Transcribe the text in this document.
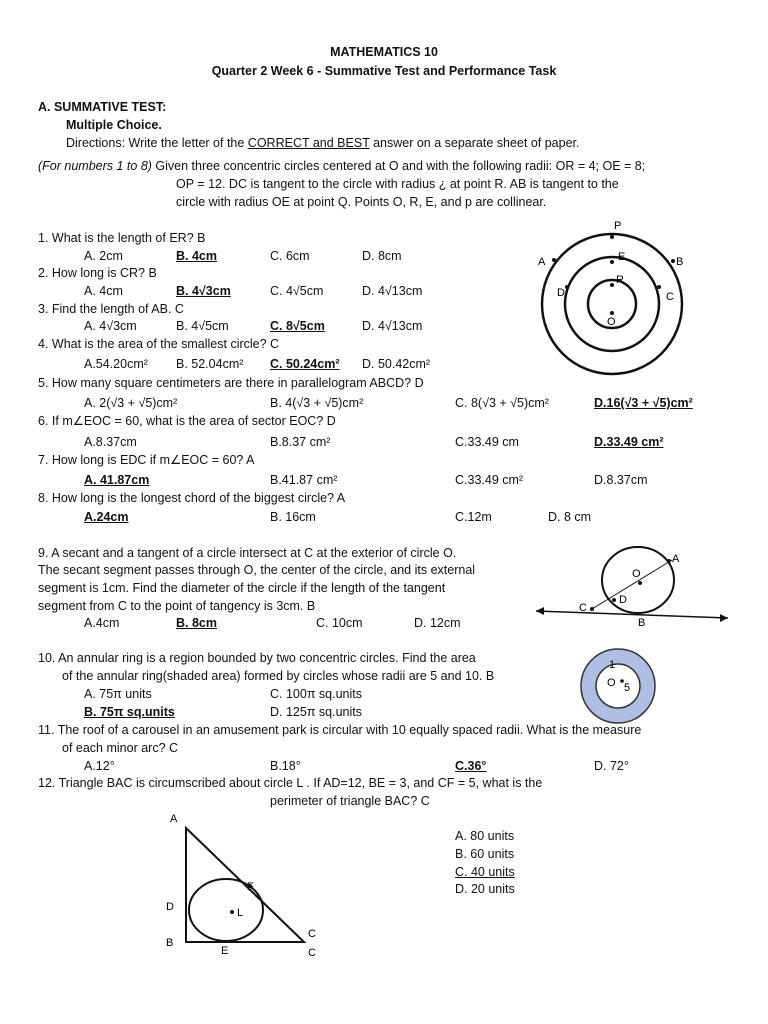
MATHEMATICS 10
Quarter 2 Week 6 - Summative Test and Performance Task
A. SUMMATIVE TEST:
Multiple Choice.
Directions: Write the letter of the CORRECT and BEST answer on a separate sheet of paper.
(For numbers 1 to 8) Given three concentric circles centered at O and with the following radii: OR = 4; OE = 8;
OP = 12. DC is tangent to the circle with radius ¿ at point R. AB is tangent to the
circle with radius OE at point Q. Points O, R, E, and p are collinear.
1. What is the length of ER? B
A. 2cm	B. 4cm	C. 6cm	D. 8cm
2. How long is CR? B
A. 4cm	B. 4√3cm	C. 4√5cm	D. 4√13cm
3. Find the length of AB. C
A. 4√3cm	B. 4√5cm	C. 8√5cm	D. 4√13cm
4. What is the area of the smallest circle? C
A.54.20cm² B. 52.04cm² C. 50.24cm² D. 50.42cm²
5. How many square centimeters are there in parallelogram ABCD? D
A. 2(√3 + √5)cm²	B. 4(√3 + √5)cm²	C. 8(√3 + √5)cm²	D.16(√3 + √5)cm²
6. If m∠EOC = 60, what is the area of sector EOC? D
A.8.37cm	B.8.37 cm²	C.33.49 cm	D.33.49 cm²
7. How long is EDC if m∠EOC = 60? A
A. 41.87cm	B.41.87 cm²	C.33.49 cm²	D.8.37cm
8. How long is the longest chord of the biggest circle? A
A.24cm	B. 16cm	C.12m	D. 8 cm
P
E
R
A	B
D	C
O
9. A secant and a tangent of a circle intersect at C at the exterior of circle O.
The secant segment passes through O, the center of the circle, and its external
segment is 1cm. Find the diameter of the circle if the length of the tangent
segment from C to the point of tangency is 3cm. B
A.4cm	B. 8cm	C. 10cm	D. 12cm
A
O
C
D
B
10. An annular ring is a region bounded by two concentric circles. Find the area
of the annular ring(shaded area) formed by circles whose radii are 5 and 10. B
A. 75π units	C. 100π sq.units
B. 75π sq.units	D. 125π sq.units
1
O 5
11. The roof of a carousel in an amusement park is circular with 10 equally spaced radii. What is the measure
of each minor arc? C
A.12°	B.18°	C.36°	D. 72°
12. Triangle BAC is circumscribed about circle L . If AD=12, BE = 3, and CF = 5, what is the
perimeter of triangle BAC? C
A. 80 units
B. 60 units
C. 40 units
D. 20 units
A
D
B
E
L
F
C
C
